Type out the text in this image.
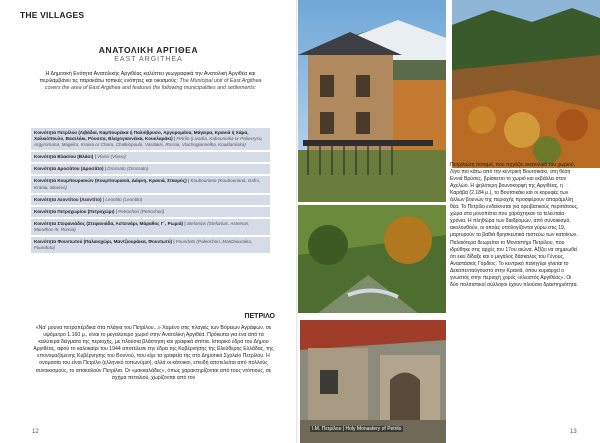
THE VILLAGES
ΑΝΑΤΟΛΙΚΗ ΑΡΓΙΘΕΑ
EAST ARGITHEA
Η Δημοτική Ενότητα Ανατολικής Αργιθέας καλύπτει γεωγραφικά την Ανατολική Αργιθέα και περιλαμβάνει τις παρακάτω τοπικές ενότητες και οικισμούς: The Municipal unit of East Argithea covers the area of East Argithea and features the following municipalities and settlements:
Κοινότητα Πετρίλου (Λιβάδια, Καμπουρέικα ή Παλιόβρυσο, Αργυρομάνα, Μάγειρα, Κρανιά ή Χάρα, Χαλκιόπουλο, Βασιλάκι, Ρόυσσα, Βλαχογιαννέικα, Κουκλαράκι) | Petrilo (Livadia, Kabourieika or Paliovryso, Argyromana, Mageira, Krania or Chara, Chalkiopoulo, Vasilakis, Rossia, Vlachogiannelka, Kouklamiska)
Κοινότητα Βλασίου (Βλάσι) | Vlassi (Vlassi)
Κοινότητα Δροσάτου (Δροσάτο) | Drossato (Drossato)
Κοινότητα Κουμπουριανών (Κουμπουριανά, Δάφνη, Κρανιά, Σταυρός) | Koubouriana (Koubouriana, Dafni, Krania, Stavros)
Κοινότητα Λεοντίτου (Λεοντίτο) | Leontito (Leontito)
Κοινότητα Πετροχωρίου (Πετροχώρι) | Petrochori (Petrochori)
Κοινότητα Στεφανιάδος (Στεφανιάδα, Αστεινάρι, Μάραθος Γ΄, Ρωμιά) | Stefanias (Stefanias, Asteinari, Marathos III, Romia)
Κοινότητα Φουντωτού (Παλαιοχώρι, Μαντζιουράικα, Φουντωτό) | Foundoto (Paleochori, Mantziouraika, Foundoto)
ΠΕΤΡΙΛΟ
«Να' μουνα πετροπέρδικα στα πλάγια του Πετρίλου...» Χαμένο στις πλαγιές των Βόρειων Αγράφων, σε υψόμετρο 1.160 μ., είναι το μεγαλύτερο χωριό στην Ανατολική Αργιθέα. Πρόκειται για ένα από τα καλύτερα δείγματα της περιοχής, με πλούσια βλάστηση και γραφικά σπίτια. Ιστορικό έδρα του Δήμου Αργιθέας, αφού το καλοκαίρι του 1944 αποτέλεσε την έδρα της Κυβέρνησης της Ελεύθερης Ελλάδας, της επονομαζόμενης Κυβέρνησης του Βουνού, που είχε τα γραφεία της στο Δημοτικό Σχολείο Πετρίλου. Η ονομασία του είναι Πετρίλο (ελληνικό τοπωνύμιο), αλλά οι κάτοικοι, επειδή αποτελείται από πολλούς συνοικισμούς, το αποκαλούν Πετρίλια. Οι «μακκαλάδες», όπως χαρακτηρίζονται από τους ντόπιους, σε σχήμα πεταλιού, χωρίζονται από τον
12
Πετριλιώτη ποταμό, που πηγάζει ανατολικά του χωριού. Λίγο πιο κάτω από την κεντρική Βουτσικάκι, στη θέση Εννιά Βρύσες, βρίσκεται το χωριό και εκβάλλει στον Αχελώο. Η ψηλότερη βουνοκορφή της Αργιθέας, η Καράβα (2.184 μ.), το Βουτσικάκι και οι κορυφές των άλλων βουνών της περιοχής προσφέρουν απαράμιλλη θέα. Το Πετρίλο ενδείκνυται για ορειβατικούς περιπάτους, χώρα στα μονοπάτια που χαράχτηκαν τα τελευταία χρόνια. Η πληθώρα των διαδρομών, από συνοικισμό, ακολουθούν, οι οποίες υπολογίζονται γύρω στις 19, μαρτυρούν τα βαθιά θρησκευτικά πιστεύω των κατοίκων. Παλαιότερα θεωρείται το Μοναστήρι Πετρίλου, που ιδρύθηκε στις αρχές του 17ου αιώνα. Αξίζει να σημειωθεί ότι εκεί δίδαξε και ο μεγάλος δάσκαλος του Γένους, Αναστάσιος Γόρδιος. Το κεντρικό πανηγύρι γίνεται το Δεκαπενταύγουστο στην Κρανιά, όπου κυριαρχεί ο γνωστός στην περιοχή χορός «κλειστός Αργιθέας». Οι δύο πολιτιστικοί σύλλογοι έχουν πλούσια δραστηριότητα.
I.M. Πετρίλου | Holy Monastery of Petrilo	13
